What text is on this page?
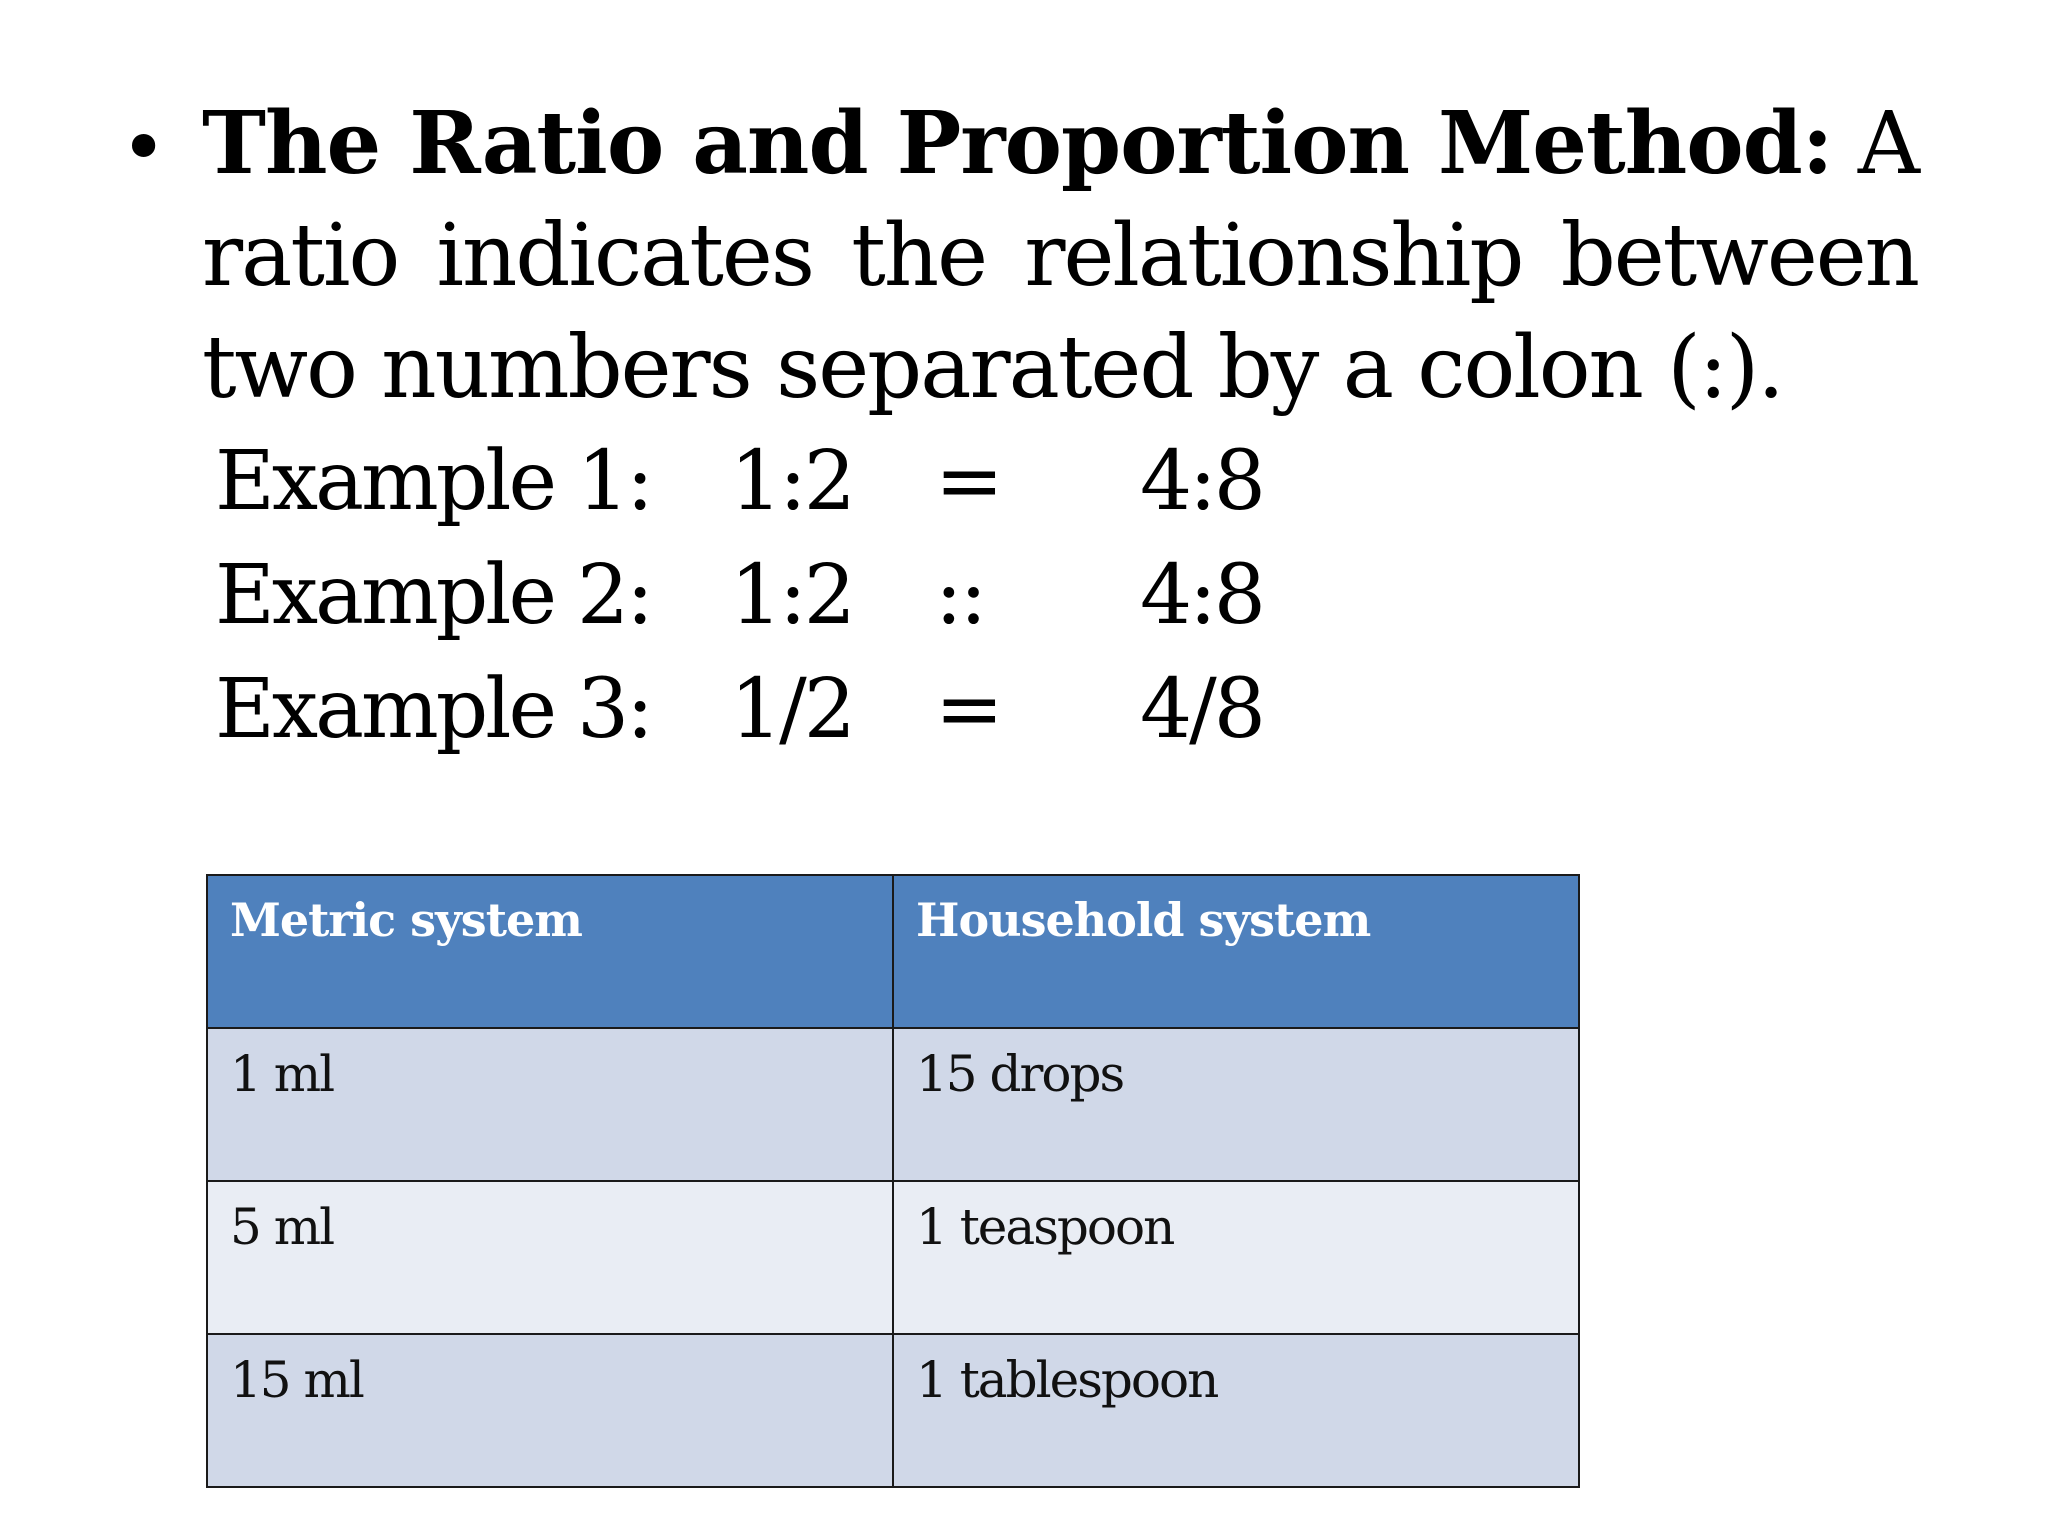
• The Ratio and Proportion Method: A ratio indicates the relationship between two numbers separated by a colon (:).
Example 1: 1:2 = 4:8
Example 2: 1:2 :: 4:8
Example 3: 1/2 = 4/8
Metric system	Household system
1 ml	15 drops
5 ml	1 teaspoon
15 ml	1 tablespoon
